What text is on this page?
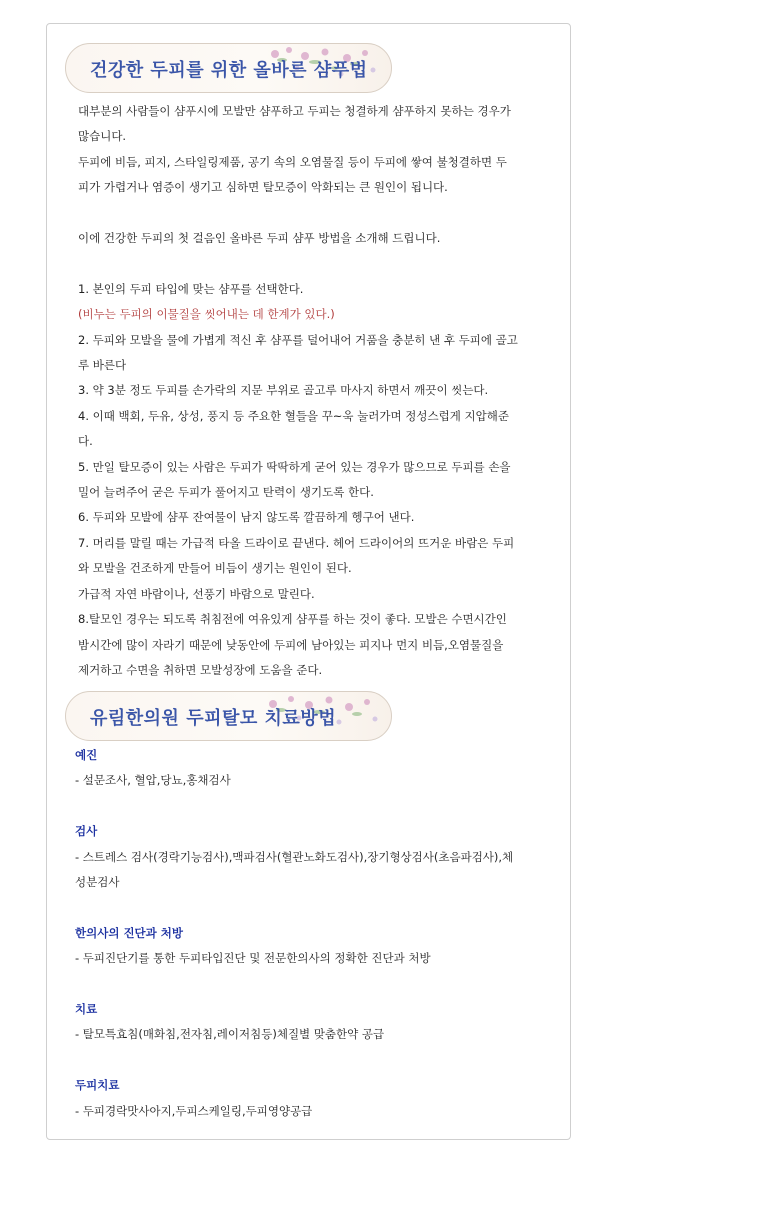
건강한 두피를 위한 올바른 샴푸법

대부분의 사람들이 샴푸시에 모발만 샴푸하고 두피는 청결하게 샴푸하지 못하는 경우가

많습니다.

두피에 비듬, 피지, 스타일링제품, 공기 속의 오염물질 등이 두피에 쌓여 불청결하면 두

피가 가렵거나 염증이 생기고 심하면 탈모증이 악화되는 큰 원인이 됩니다.

이에 건강한 두피의 첫 걸음인 올바른 두피 샴푸 방법을 소개해 드립니다.

1. 본인의 두피 타입에 맞는 샴푸를 선택한다.

(비누는 두피의 이물질을 씻어내는 데 한계가 있다.)

2. 두피와 모발을 물에 가볍게 적신 후 샴푸를 덜어내어 거품을 충분히 낸 후 두피에 골고

루 바른다

3. 약 3분 정도 두피를 손가락의 지문 부위로 골고루 마사지 하면서 깨끗이 씻는다.

4. 이때 백회, 두유, 상성, 풍지 등 주요한 혈들을 꾸~욱 눌러가며 정성스럽게 지압해준

다.

5. 만일 탈모증이 있는 사람은 두피가 딱딱하게 굳어 있는 경우가 많으므로 두피를 손을

밀어 늘려주어 굳은 두피가 풀어지고 탄력이 생기도록 한다.

6. 두피와 모발에 샴푸 잔여물이 남지 않도록 깔끔하게 헹구어 낸다.

7. 머리를 말릴 때는 가급적 타올 드라이로 끝낸다. 헤어 드라이어의 뜨거운 바람은 두피

와 모발을 건조하게 만들어 비듬이 생기는 원인이 된다.

가급적 자연 바람이나, 선풍기 바람으로 말린다.

8.탈모인 경우는 되도록 취침전에 여유있게 샴푸를 하는 것이 좋다. 모발은 수면시간인

밤시간에 많이 자라기 때문에 낮동안에 두피에 남아있는 피지나 먼지 비듬,오염물질을

제거하고 수면을 취하면 모발성장에 도움을 준다.

유림한의원 두피탈모 치료방법

예진

- 설문조사, 혈압,당뇨,홍채검사

검사

- 스트레스 검사(경락기능검사),맥파검사(혈관노화도검사),장기형상검사(초음파검사),체

성분검사

한의사의 진단과 처방

- 두피진단기를 통한 두피타입진단 및 전문한의사의 정확한 진단과 처방

치료

- 탈모특효침(매화침,전자침,레이저침등)체질별 맞춤한약 공급

두피치료

- 두피경락맛사아지,두피스케일링,두피영양공급
